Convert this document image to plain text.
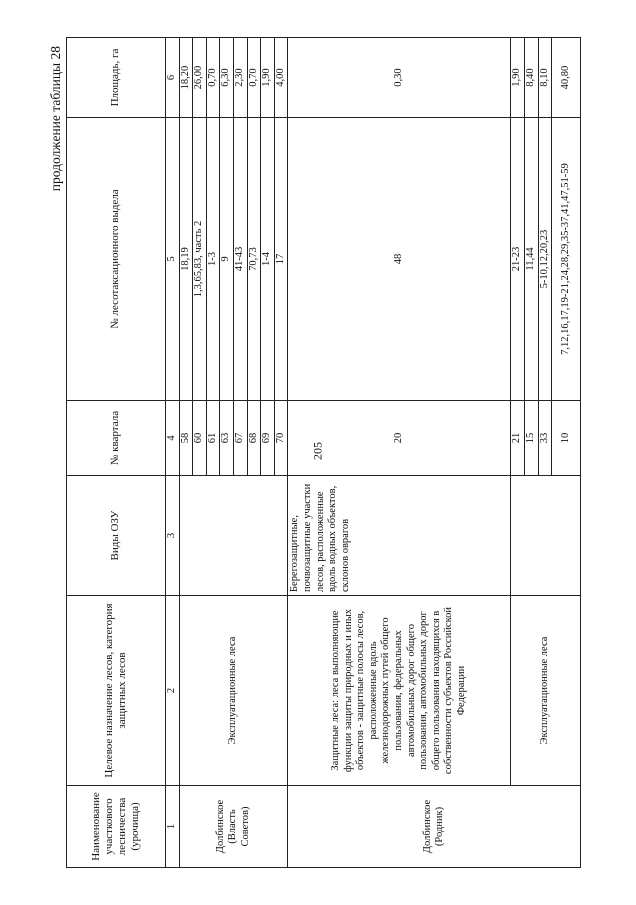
205
продолжение таблицы 28
Наименование участкового лесничества (урочища)	Целевое назначение лесов, категория защитных лесов	Виды ОЗУ	№ квартала	№ лесотаксационного выдела	Площадь, га
1	2	3	4	5	6
Долбинское (Власть Советов)	Эксплуатационные леса		58	18,19	18,20
			60	1,3,65,83, часть 2	26,00
			61	1-3	0,70
			63	9	6,30
			67	41-43	2,30
			68	70,73	0,70
			69	1-4	1,90
			70	17	4,00
Долбинское (Родник)	Защитные леса: леса выполняющие функции защиты природных и иных объектов - защитные полосы лесов, расположенные вдоль железнодорожных путей общего пользования, федеральных автомобильных дорог общего пользования, автомобильных дорог общего пользования находящихся в собственности субъектов Российской Федерации	Берегозащитные, почвозащитные участки лесов, расположенные вдоль водных объектов, склонов оврагов	20	48	0,30
	Эксплуатационные леса		21	21-23	1,90
			15	11,44	8,40
			33	5-10,12,20,23	8,10
			10	7,12,16,17,19-21,24,28,29,35-37,41,47,51-59	40,80
